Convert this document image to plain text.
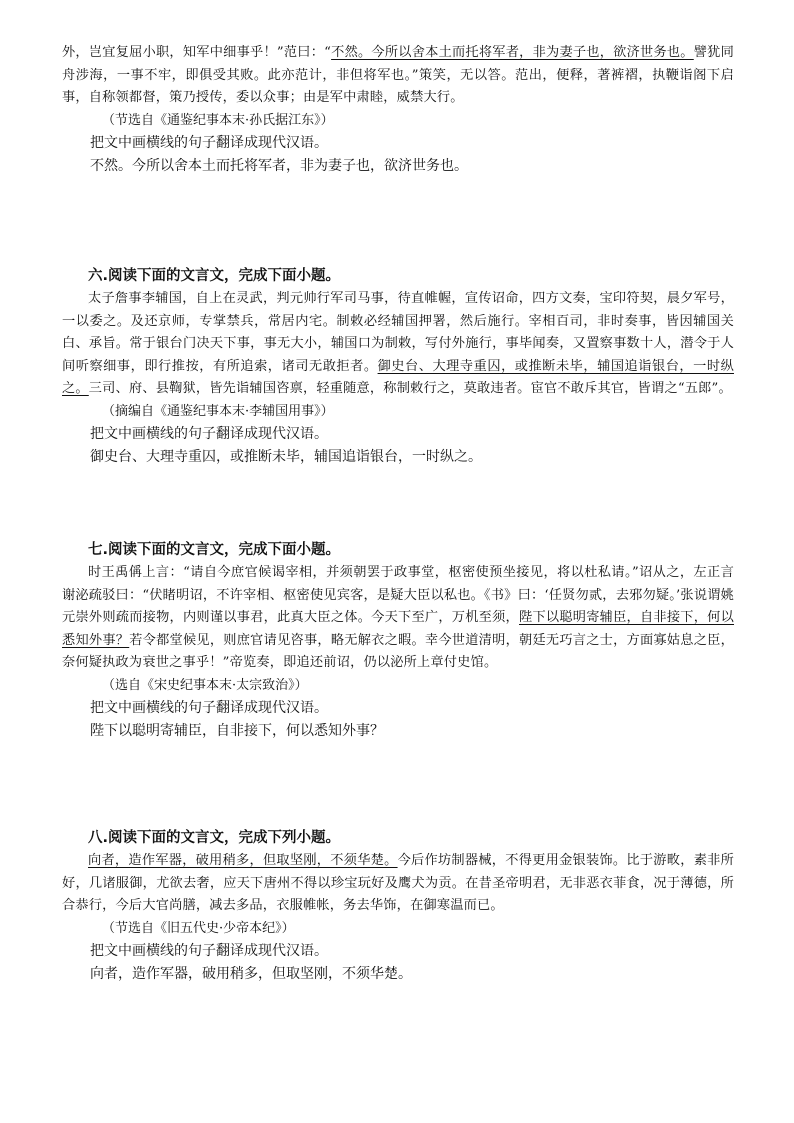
外，岂宜复屈小职，知军中细事乎！”范曰：“不然。今所以舍本土而托将军者，非为妻子也，欲济世务也。譬犹同舟涉海，一事不牢，即俱受其败。此亦范计，非但将军也。”策笑，无以答。范出，便释，著裤褶，执鞭诣阁下启事，自称领都督，策乃授传，委以众事；由是军中肃睦，威禁大行。

（节选自《通鉴纪事本末·孙氏据江东》）

把文中画横线的句子翻译成现代汉语。

不然。今所以舍本土而托将军者，非为妻子也，欲济世务也。

六.阅读下面的文言文，完成下面小题。

太子詹事李辅国，自上在灵武，判元帅行军司马事，待直帷幄，宣传诏命，四方文奏，宝印符契，晨夕军号，一以委之。及还京师，专掌禁兵，常居内宅。制敕必经辅国押署，然后施行。宰相百司，非时奏事，皆因辅国关白、承旨。常于银台门决天下事，事无大小，辅国口为制敕，写付外施行，事毕闻奏，又置察事数十人，潜令于人间听察细事，即行推按，有所追索，诸司无敢拒者。御史台、大理寺重囚，或推断未毕，辅国追诣银台，一时纵之。三司、府、县鞫狱，皆先诣辅国咨禀，轻重随意，称制敕行之，莫敢违者。宦官不敢斥其官，皆谓之“五郎”。

（摘编自《通鉴纪事本末·李辅国用事》）

把文中画横线的句子翻译成现代汉语。

御史台、大理寺重囚，或推断未毕，辅国追诣银台，一时纵之。

七.阅读下面的文言文，完成下面小题。

时王禹偁上言：“请自今庶官候谒宰相，并须朝罢于政事堂，枢密使预坐接见，将以杜私请。”诏从之，左正言谢泌疏驳曰：“伏睹明诏，不许宰相、枢密使见宾客，是疑大臣以私也。《书》曰：‘任贤勿贰，去邪勿疑。’张说谓姚元崇外则疏而接物，内则谨以事君，此真大臣之体。今天下至广，万机至须，陛下以聪明寄辅臣，自非接下，何以悉知外事？若令都堂候见，则庶官请见咨事，略无解衣之暇。幸今世道清明，朝廷无巧言之士，方面寡姑息之臣，奈何疑执政为衰世之事乎！”帝览奏，即追还前诏，仍以泌所上章付史馆。

（选自《宋史纪事本末·太宗致治》）

把文中画横线的句子翻译成现代汉语。

陛下以聪明寄辅臣，自非接下，何以悉知外事？

八.阅读下面的文言文，完成下列小题。

向者，造作军器，破用稍多，但取坚刚，不须华楚。今后作坊制器械，不得更用金银装饰。比于游畋，素非所好，几诸服御，尤欲去奢，应天下唐州不得以珍宝玩好及鹰犬为贡。在昔圣帝明君，无非恶衣菲食，况于薄德，所合恭行，今后大官尚膳，减去多品，衣服帷帐，务去华饰，在御寒温而已。

（节选自《旧五代史·少帝本纪》）

把文中画横线的句子翻译成现代汉语。

向者，造作军器，破用稍多，但取坚刚，不须华楚。
